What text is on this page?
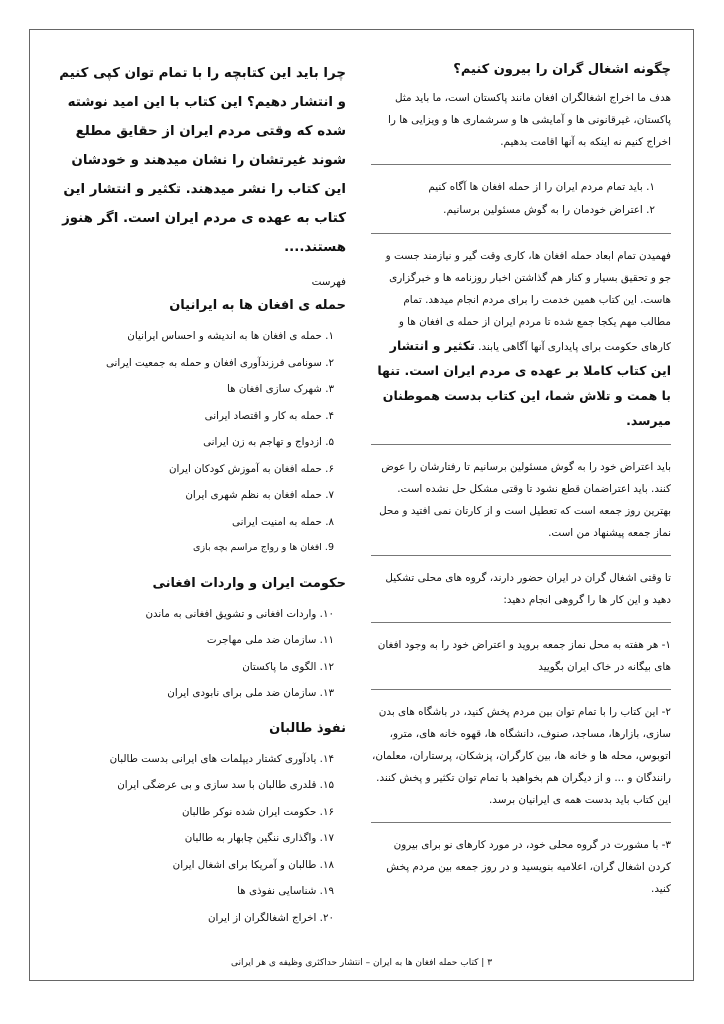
چگونه اشغال گران را بیرون کنیم؟

هدف ما اخراج اشغالگران افغان مانند پاکستان است، ما باید مثل پاکستان، غیرقانونی ها و آمایشی ها و سرشماری ها و ویزایی ها را اخراج کنیم نه اینکه به آنها اقامت بدهیم.

۱. باید تمام مردم ایران را از حمله افغان ها آگاه کنیم
۲. اعتراض خودمان را به گوش مسئولین برسانیم.

فهمیدن تمام ابعاد حمله افغان ها، کاری وقت گیر و نیازمند جست و جو و تحقیق بسیار و کنار هم گذاشتن اخبار روزنامه ها و خبرگزاری هاست. این کتاب همین خدمت را برای مردم انجام میدهد. تمام مطالب مهم یکجا جمع شده تا مردم ایران از حمله ی افغان ها و کارهای حکومت برای پایداری آنها آگاهی یابند. تکثیر و انتشار این کتاب کاملا بر عهده ی مردم ایران است. تنها با همت و تلاش شما، این کتاب بدست هموطنان میرسد.

باید اعتراض خود را به گوش مسئولین برسانیم تا رفتارشان را عوض کنند. باید اعتراضمان قطع نشود تا وقتی مشکل حل نشده است. بهترین روز جمعه است که تعطیل است و از کارتان نمی افتید و محل نماز جمعه پیشنهاد من است.

تا وقتی اشغال گران در ایران حضور دارند، گروه های محلی تشکیل دهید و این کار ها را گروهی انجام دهید:

۱- هر هفته به محل نماز جمعه بروید و اعتراض خود را به وجود افغان های بیگانه در خاک ایران بگویید

۲- این کتاب را با تمام توان بین مردم پخش کنید، در باشگاه های بدن سازی، بازارها، مساجد، صنوف، دانشگاه ها، قهوه خانه های، مترو، اتوبوس، محله ها و خانه ها، بین کارگران، پزشکان، پرستاران، معلمان، رانندگان و ... و از دیگران هم بخواهید با تمام توان تکثیر و پخش کنند. این کتاب باید بدست همه ی ایرانیان برسد.

۳- با مشورت در گروه محلی خود، در مورد کارهای نو برای بیرون کردن اشغال گران، اعلامیه بنویسید و در روز جمعه بین مردم پخش کنید.

چرا باید این کتابچه را با تمام توان کپی کنیم و انتشار دهیم؟ این کتاب با این امید نوشته شده که وقتی مردم ایران از حقایق مطلع شوند غیرتشان را نشان میدهند و خودشان این کتاب را نشر میدهند. تکثیر و انتشار این کتاب به عهده ی مردم ایران است. اگر هنوز هستند....
فهرست
حمله ی افغان ها به ایرانیان
۱. حمله ی افغان ها به اندیشه و احساس ایرانیان
۲. سونامی فرزندآوری افغان و حمله به جمعیت ایرانی
۳. شهرک سازی افغان ها
۴. حمله به کار و اقتصاد ایرانی
۵. ازدواج و تهاجم به زن ایرانی
۶. حمله افغان به آموزش کودکان ایران
۷. حمله افغان به نظم شهری ایران
۸. حمله به امنیت ایرانی
9. افغان ها و رواج مراسم بچه بازی
حکومت ایران و واردات افغانی
۱۰. واردات افغانی و تشویق افغانی به ماندن
۱۱. سازمان ضد ملی مهاجرت
۱۲. الگوی ما پاکستان
۱۳. سازمان ضد ملی برای نابودی ایران
نفوذ طالبان
۱۴. یادآوری کشتار دیپلمات های ایرانی بدست طالبان
۱۵. قلدری طالبان با سد سازی و بی عرضگی ایران
۱۶. حکومت ایران شده نوکر طالبان
۱۷. واگذاری ننگین چابهار به طالبان
۱۸. طالبان و آمریکا برای اشغال ایران
۱۹. شناسایی نفوذی ها
۲۰. اخراج اشغالگران از ایران
۳ | کتاب حمله افغان ها به ایران – انتشار حداکثری وظیفه ی هر ایرانی
